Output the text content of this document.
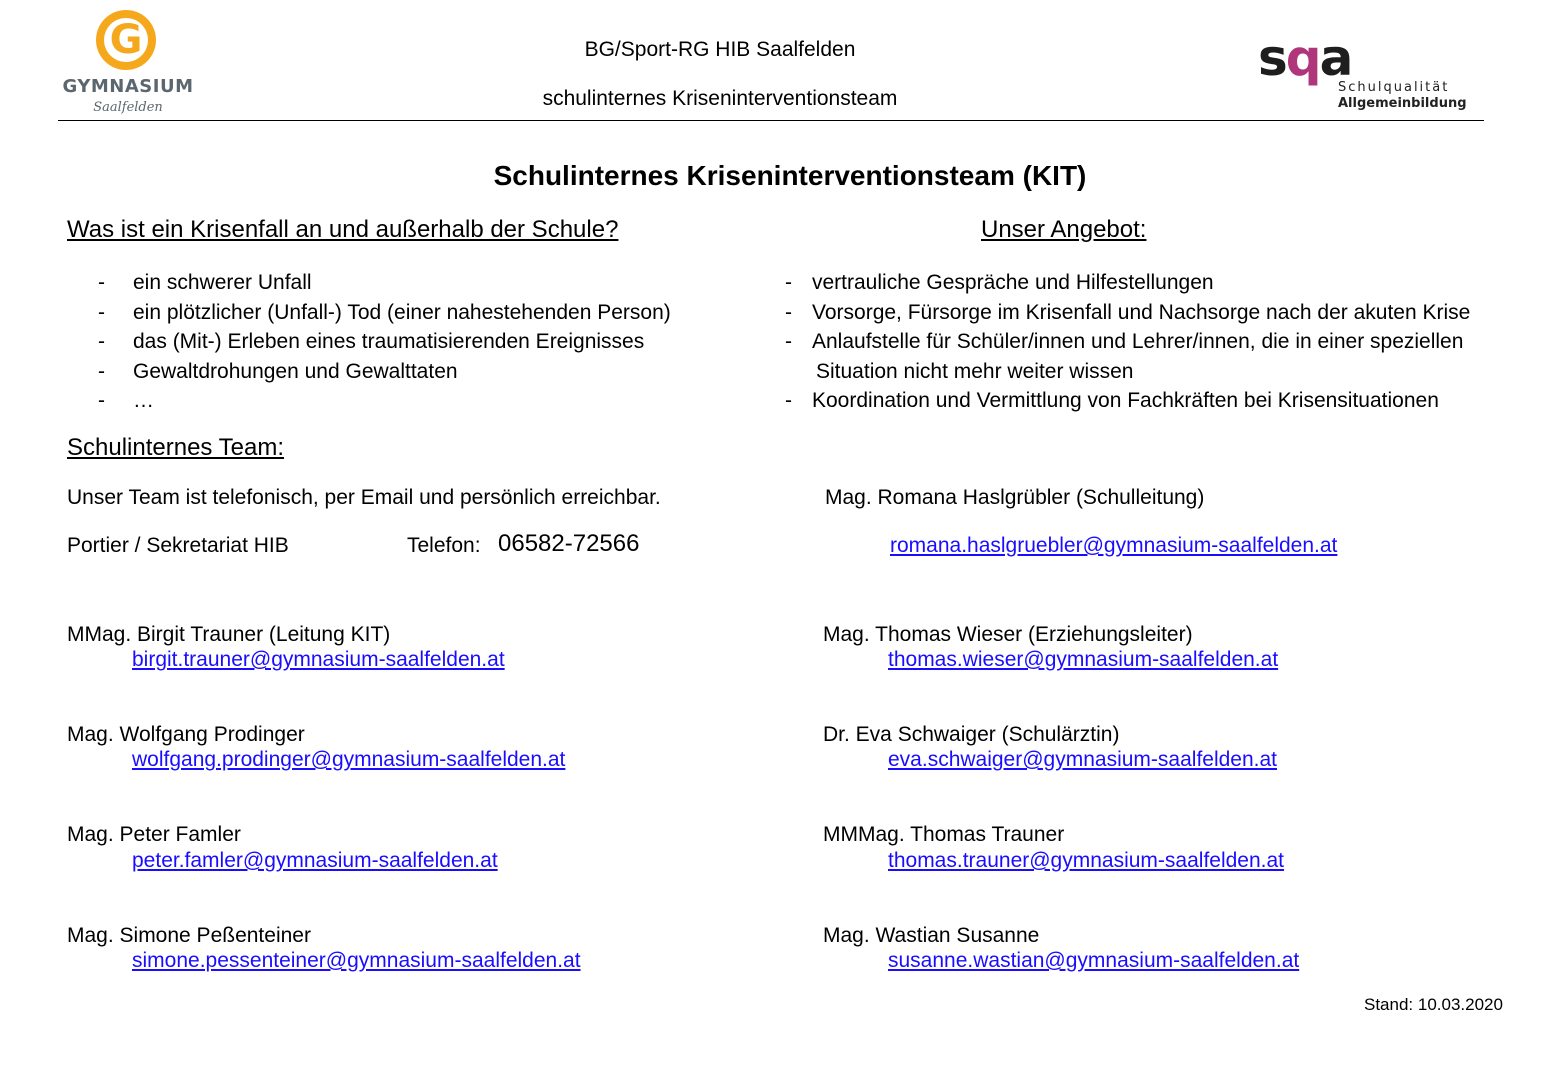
G
GYMNASIUM
Saalfelden
BG/Sport-RG HIB Saalfelden
schulinternes Kriseninterventionsteam
sqa
Schulqualität
Allgemeinbildung
Schulinternes Kriseninterventionsteam (KIT)
Was ist ein Krisenfall an und außerhalb der Schule?
- ein schwerer Unfall
- ein plötzlicher (Unfall-) Tod (einer nahestehenden Person)
- das (Mit-) Erleben eines traumatisierenden Ereignisses
- Gewaltdrohungen und Gewalttaten
- …
Unser Angebot:
- vertrauliche Gespräche und Hilfestellungen
- Vorsorge, Fürsorge im Krisenfall und Nachsorge nach der akuten Krise
- Anlaufstelle für Schüler/innen und Lehrer/innen, die in einer speziellen
Situation nicht mehr weiter wissen
- Koordination und Vermittlung von Fachkräften bei Krisensituationen
Schulinternes Team:
Unser Team ist telefonisch, per Email und persönlich erreichbar.
Portier / Sekretariat HIB	Telefon: 06582-72566
Mag. Romana Haslgrübler (Schulleitung)
romana.haslgruebler@gymnasium-saalfelden.at
MMag. Birgit Trauner (Leitung KIT)
birgit.trauner@gymnasium-saalfelden.at
Mag. Wolfgang Prodinger
wolfgang.prodinger@gymnasium-saalfelden.at
Mag. Peter Famler
peter.famler@gymnasium-saalfelden.at
Mag. Simone Peßenteiner
simone.pessenteiner@gymnasium-saalfelden.at
Mag. Thomas Wieser (Erziehungsleiter)
thomas.wieser@gymnasium-saalfelden.at
Dr. Eva Schwaiger (Schulärztin)
eva.schwaiger@gymnasium-saalfelden.at
MMMag. Thomas Trauner
thomas.trauner@gymnasium-saalfelden.at
Mag. Wastian Susanne
susanne.wastian@gymnasium-saalfelden.at
Stand: 10.03.2020
